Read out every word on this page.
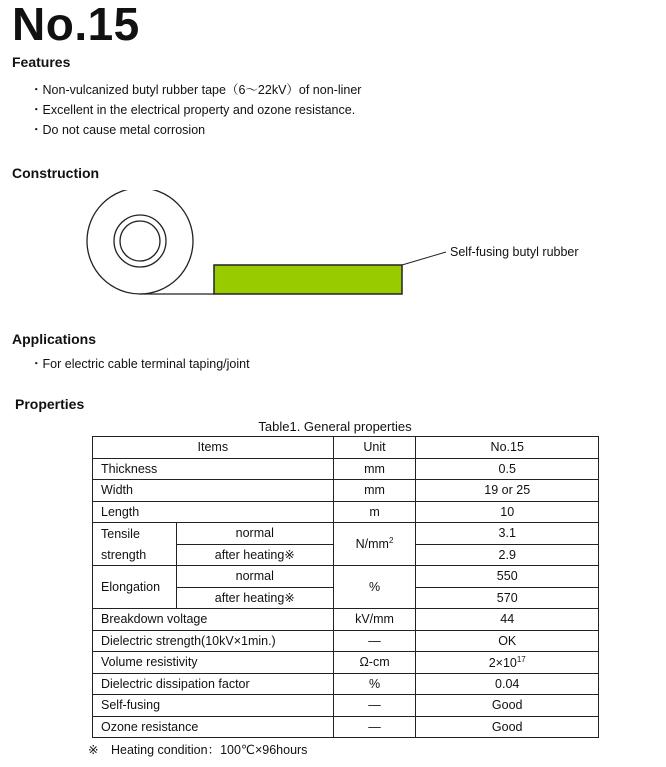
No.15
Features
・ Non-vulcanized butyl rubber tape（6～22kV）of non-liner
・ Excellent in the electrical property and ozone resistance.
・ Do not cause metal corrosion
Construction
Self-fusing butyl rubber
Applications
・ For electric cable terminal taping/joint
Properties
Table1. General properties
Items		Unit	No.15
Thickness		mm	0.5
Width		mm	19 or 25
Length		m	10
Tensile	normal	$N/mm^2$	3.1
strength	after heating※		2.9
Elongation	normal	%	550
	after heating※		570
Breakdown voltage		kV/mm	44
Dielectric strength(10kV×1min.)		―	OK
Volume resistivity		Ω-cm	$2\times 10^{17}$
Dielectric dissipation factor		%	0.04
Self-fusing		―	Good
Ozone resistance		―	Good
※　Heating condition：100℃×96hours
